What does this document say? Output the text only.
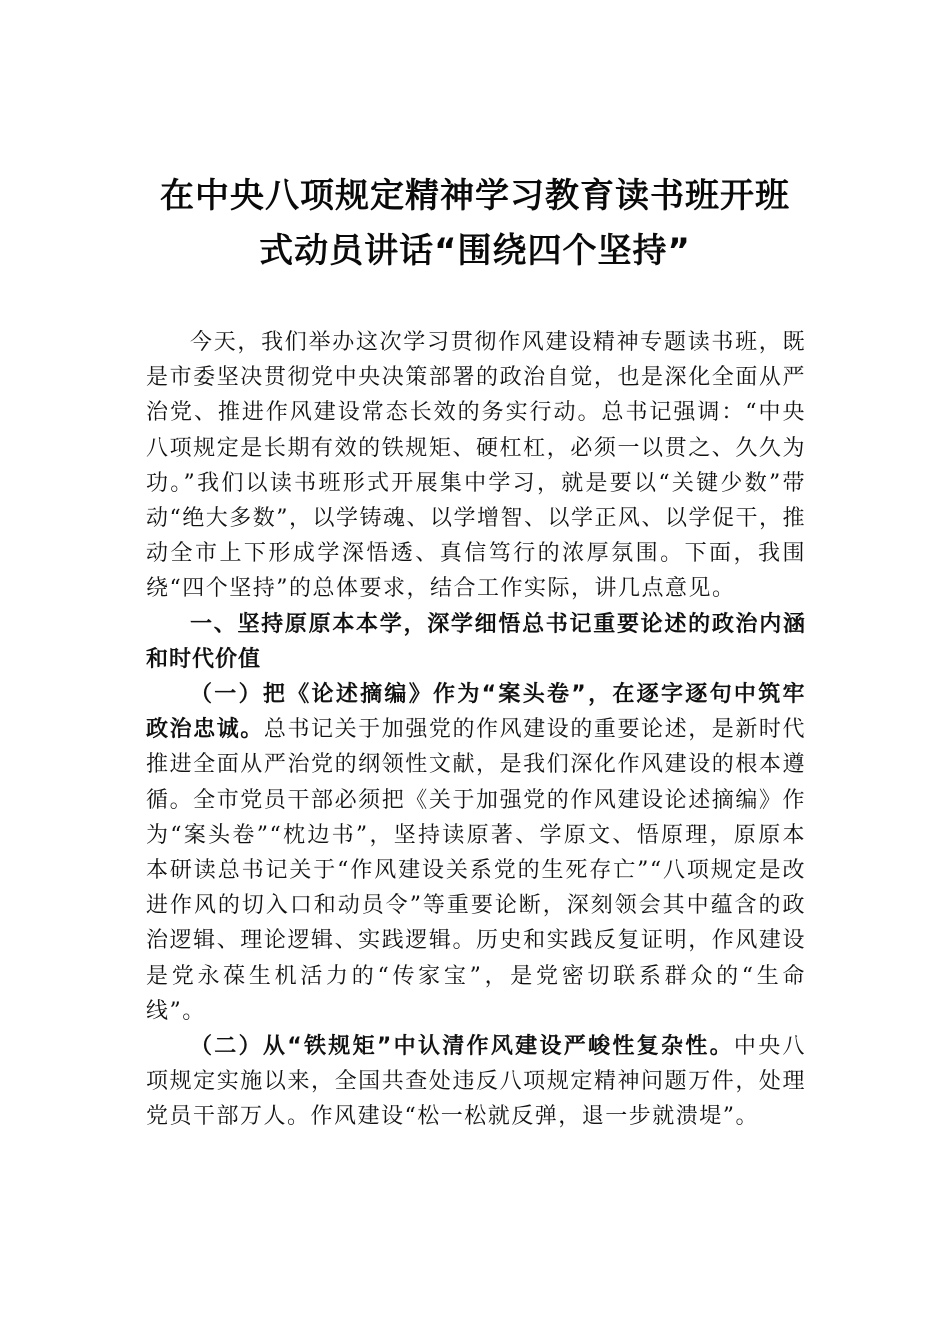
在中央八项规定精神学习教育读书班开班
式动员讲话“围绕四个坚持”

今天，我们举办这次学习贯彻作风建设精神专题读书班，既是市委坚决贯彻党中央决策部署的政治自觉，也是深化全面从严治党、推进作风建设常态长效的务实行动。总书记强调：“中央八项规定是长期有效的铁规矩、硬杠杠，必须一以贯之、久久为功。”我们以读书班形式开展集中学习，就是要以“关键少数”带动“绝大多数”，以学铸魂、以学增智、以学正风、以学促干，推动全市上下形成学深悟透、真信笃行的浓厚氛围。下面，我围绕“四个坚持”的总体要求，结合工作实际，讲几点意见。

一、坚持原原本本学，深学细悟总书记重要论述的政治内涵和时代价值

（一）把《论述摘编》作为“案头卷”，在逐字逐句中筑牢政治忠诚。总书记关于加强党的作风建设的重要论述，是新时代推进全面从严治党的纲领性文献，是我们深化作风建设的根本遵循。全市党员干部必须把《关于加强党的作风建设论述摘编》作为“案头卷”“枕边书”，坚持读原著、学原文、悟原理，原原本本研读总书记关于“作风建设关系党的生死存亡”“八项规定是改进作风的切入口和动员令”等重要论断，深刻领会其中蕴含的政治逻辑、理论逻辑、实践逻辑。历史和实践反复证明，作风建设是党永葆生机活力的“传家宝”，是党密切联系群众的“生命线”。

（二）从“铁规矩”中认清作风建设严峻性复杂性。中央八项规定实施以来，全国共查处违反八项规定精神问题万件，处理党员干部万人。作风建设“松一松就反弹，退一步就溃堤”。
